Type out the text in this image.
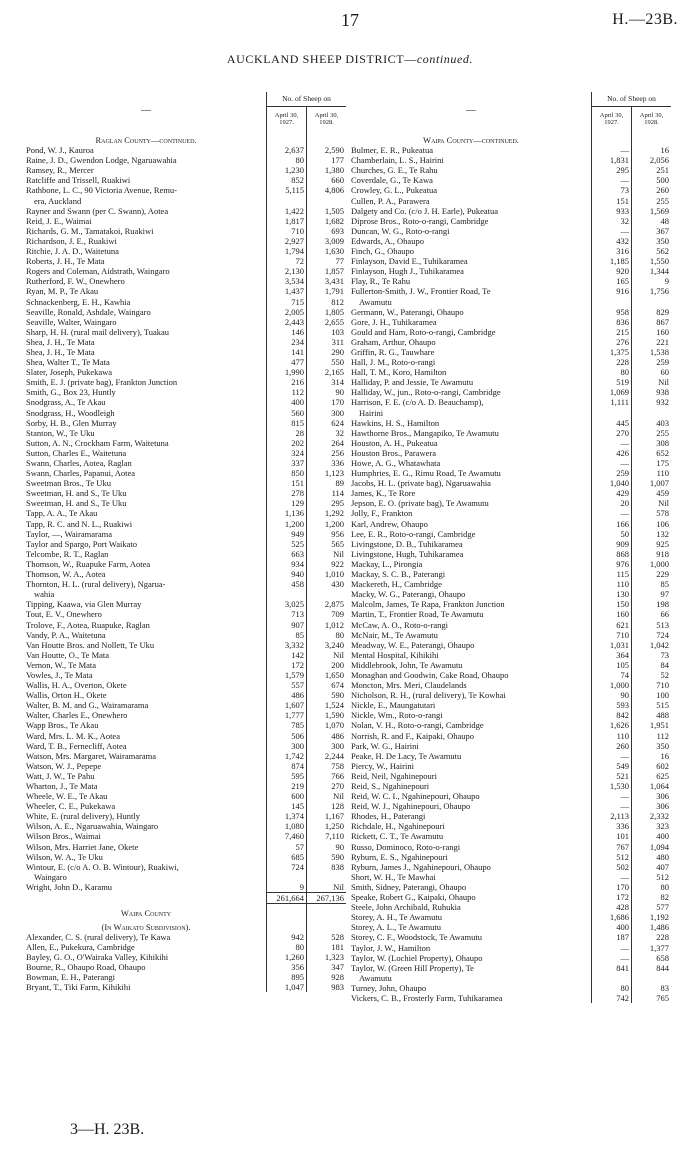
17	H.—23B.
AUCKLAND SHEEP DISTRICT—continued.
—	No. of Sheep on	
	April 30, 1927.	April 30, 1928.
Raglan County—continued.		
Pond, W. J., Kauroa	2,637	2,590
Raine, J. D., Gwendon Lodge, Ngaruawahia	80	177
Ramsey, R., Mercer	1,230	1,380
Ratcliffe and Trissell, Ruakiwi	852	660
Rathbone, L. C., 90 Victoria Avenue, Remu-	5,115	4,806
era, Auckland		
Rayner and Swann (per C. Swann), Aotea	1,422	1,505
Reid, J. E., Waimai	1,817	1,682
Richards, G. M., Tamatakoi, Ruakiwi	710	693
Richardson, J. E., Ruakiwi	2,927	3,009
Ritchie, J. A. D., Waitetuna	1,794	1,630
Roberts, J. H., Te Mata	72	77
Rogers and Coleman, Aidstrath, Waingaro	2,130	1,857
Rutherford, F. W., Onewhero	3,534	3,431
Ryan, M. P., Te Akau	1,437	1,791
Schnackenberg, E. H., Kawhia	715	812
Seaville, Ronald, Ashdale, Waingaro	2,005	1,805
Seaville, Walter, Waingaro	2,443	2,655
Sharp, H. H. (rural mail delivery), Tuakau	146	103
Shea, J. H., Te Mata	234	311
Shea, J. H., Te Mata	141	290
Shea, Walter T., Te Mata	477	550
Slater, Joseph, Pukekawa	1,990	2,165
Smith, E. J. (private bag), Frankton Junction	216	314
Smith, G., Box 23, Huntly	112	90
Snodgrass, A., Te Akau	400	170
Snodgrass, H., Woodleigh	560	300
Sorby, H. B., Glen Murray	815	624
Stanton, W., Te Uku	28	32
Sutton, A. N., Crockham Farm, Waitetuna	202	264
Sutton, Charles E., Waitetuna	324	256
Swann, Charles, Aotea, Raglan	337	336
Swann, Charles, Papanui, Aotea	850	1,123
Sweetman Bros., Te Uku	151	89
Sweetman, H. and S., Te Uku	278	114
Sweetman, H. and S., Te Uku	129	295
Tapp, A. A., Te Akau	1,136	1,292
Tapp, R. C. and N. L., Ruakiwi	1,200	1,200
Taylor, —, Wairamarama	949	956
Taylor and Spargo, Port Waikato	525	565
Telcombe, R. T., Raglan	663	Nil
Thomson, W., Ruapuke Farm, Aotea	934	922
Thomson, W. A., Aotea	940	1,010
Thornton, H. L. (rural delivery), Ngarua-	458	430
wahia		
Tipping, Kaawa, via Glen Murray	3,025	2,875
Tout, E. V., Onewhero	713	709
Trolove, F., Aotea, Ruapuke, Raglan	907	1,012
Vandy, P. A., Waitetuna	85	80
Van Houtte Bros. and Nollett, Te Uku	3,332	3,240
Van Houtte, O., Te Mata	142	Nil
Vernon, W., Te Mata	172	200
Vowles, J., Te Mata	1,579	1,650
Wallis, H. A., Overton, Okete	557	674
Wallis, Orton H., Okete	486	590
Walter, B. M. and G., Wairamarama	1,607	1,524
Walter, Charles E., Onewhero	1,777	1,590
Wapp Bros., Te Akau	785	1,070
Ward, Mrs. L. M. K., Aotea	506	486
Ward, T. B., Fernecliff, Aotea	300	300
Watson, Mrs. Margaret, Wairamarama	1,742	2,244
Watson, W. J., Pepepe	874	758
Watt, J. W., Te Pahu	595	766
Wharton, J., Te Mata	219	270
Wheele, W. E., Te Akau	600	Nil
Wheeler, C. E., Pukekawa	145	128
White, E. (rural delivery), Huntly	1,374	1,167
Wilson, A. E., Ngaruawahia, Waingaro	1,080	1,250
Wilson Bros., Waimai	7,460	7,110
Wilson, Mrs. Harriet Jane, Okete	57	90
Wilson, W. A., Te Uku	685	590
Wintour, E. (c/o A. O. B. Wintour), Ruakiwi,	724	838
Waingaro		
Wright, John D., Karamu	9	Nil
	261,664	267,136
Waipa County		
(In Waikato Subdivision).		
Alexander, C. S. (rural delivery), Te Kawa	942	528
Allen, E., Pukekura, Cambridge	80	181
Bayley, G. O., O'Wairaka Valley, Kihikihi	1,260	1,323
Bourne, R., Ohaupo Road, Ohaupo	356	347
Bowman, E. H., Paterangi	895	928
Bryant, T., Tiki Farm, Kihikihi	1,047	983
—	No. of Sheep on	
	April 30, 1927.	April 30, 1928.
Waipa County—continued.		
Bulmer, E. R., Pukeatua	—	16
Chamberlain, L. S., Hairini	1,831	2,056
Churches, G. E., Te Rahu	295	251
Coverdale, G., Te Kawa	—	500
Crowley, G. L., Pukeatua	73	260
Cullen, P. A., Parawera	151	255
Dalgety and Co. (c/o J. H. Earle), Pukeatua	933	1,569
Diprose Bros., Roto-o-rangi, Cambridge	32	48
Duncan, W. G., Roto-o-rangi	—	367
Edwards, A., Ohaupo	432	350
Finch, G., Ohaupo	316	562
Finlayson, David E., Tuhikaramea	1,185	1,550
Finlayson, Hugh J., Tuhikaramea	920	1,344
Flay, R., Te Rahu	165	9
Fullerton-Smith, J. W., Frontier Road, Te	916	1,756
Awamutu		
Germann, W., Paterangi, Ohaupo	958	829
Gore, J. H., Tuhikaramea	836	867
Gould and Ham, Roto-o-rangi, Cambridge	215	160
Graham, Arthur, Ohaupo	276	221
Griffin, R. G., Tauwhare	1,375	1,538
Hall, J. M., Roto-o-rangi	228	259
Hall, T. M., Koro, Hamilton	80	60
Halliday, P. and Jessie, Te Awamutu	519	Nil
Halliday, W., jun., Roto-o-rangi, Cambridge	1,069	938
Harrison, F. E. (c/o A. D. Beauchamp),	1,111	932
Hairini		
Hawkins, H. S., Hamilton	445	403
Hawthorne Bros., Mangapiko, Te Awamutu	270	255
Houston, A. H., Pukeatua	—	308
Houston Bros., Parawera	426	652
Howe, A. G., Whatawhata	—	175
Humphries, E. G., Rimu Road, Te Awamutu	259	110
Jacobs, H. L. (private bag), Ngaruawahia	1,040	1,007
James, K., Te Rore	429	459
Jepson, E. O. (private bag), Te Awamutu	20	Nil
Jolly, F., Frankton	—	578
Karl, Andrew, Ohaupo	166	106
Lee, E. R., Roto-o-rangi, Cambridge	50	132
Livingstone, D. B., Tuhikaramea	909	925
Livingstone, Hugh, Tuhikaramea	868	918
Mackay, L., Pirongia	976	1,000
Mackay, S. C. B., Paterangi	115	229
Mackereth, H., Cambridge	110	85
Macky, W. G., Paterangi, Ohaupo	130	97
Malcolm, James, Te Rapa, Frankton Junction	150	198
Martin, T., Frontier Road, Te Awamutu	160	66
McCaw, A. O., Roto-o-rangi	621	513
McNair, M., Te Awamutu	710	724
Meadway, W. E., Paterangi, Ohaupo	1,031	1,042
Mental Hospital, Kihikihi	364	73
Middlebrook, John, Te Awamutu	105	84
Monaghan and Goodwin, Cake Road, Ohaupo	74	52
Moncton, Mrs. Meri, Claudelands	1,000	710
Nicholson, R. H., (rural delivery), Te Kowhai	90	100
Nickle, E., Maungatutari	593	515
Nickle, Wm., Roto-o-rangi	842	488
Nolan, V. H., Roto-o-rangi, Cambridge	1,626	1,951
Norrish, R. and F., Kaipaki, Ohaupo	110	112
Park, W. G., Hairini	260	350
Peake, H. De Lacy, Te Awamutu	—	16
Piercy, W., Hairini	549	602
Reid, Neil, Ngahinepouri	521	625
Reid, S., Ngahinepouri	1,530	1,064
Reid, W. C. I., Ngahinepouri, Ohaupo	—	306
Reid, W. J., Ngahinepouri, Ohaupo	—	306
Rhodes, H., Paterangi	2,113	2,332
Richdale, H., Ngahinepouri	336	323
Rickett, C. T., Te Awamutu	101	400
Russo, Dominoco, Roto-o-rangi	767	1,094
Ryburn, E. S., Ngahinepouri	512	480
Ryburn, James J., Ngahinepouri, Ohaupo	502	407
Short, W. H., Te Mawhai	—	512
Smith, Sidney, Paterangi, Ohaupo	170	80
Speake, Robert G., Kaipaki, Ohaupo	172	82
Steele, John Archibald, Ruhukia	428	577
Storey, A. H., Te Awamutu	1,686	1,192
Storey, A. L., Te Awamutu	400	1,486
Storey, C. F., Woodstock, Te Awamutu	187	228
Taylor, J. W., Hamilton	—	1,377
Taylor, W. (Lochiel Property), Ohaupo	—	658
Taylor, W. (Green Hill Property), Te	841	844
Awamutu		
Turney, John, Ohaupo	80	83
Vickers, C. B., Frosterly Farm, Tuhikaramea	742	765
3—H. 23B.
